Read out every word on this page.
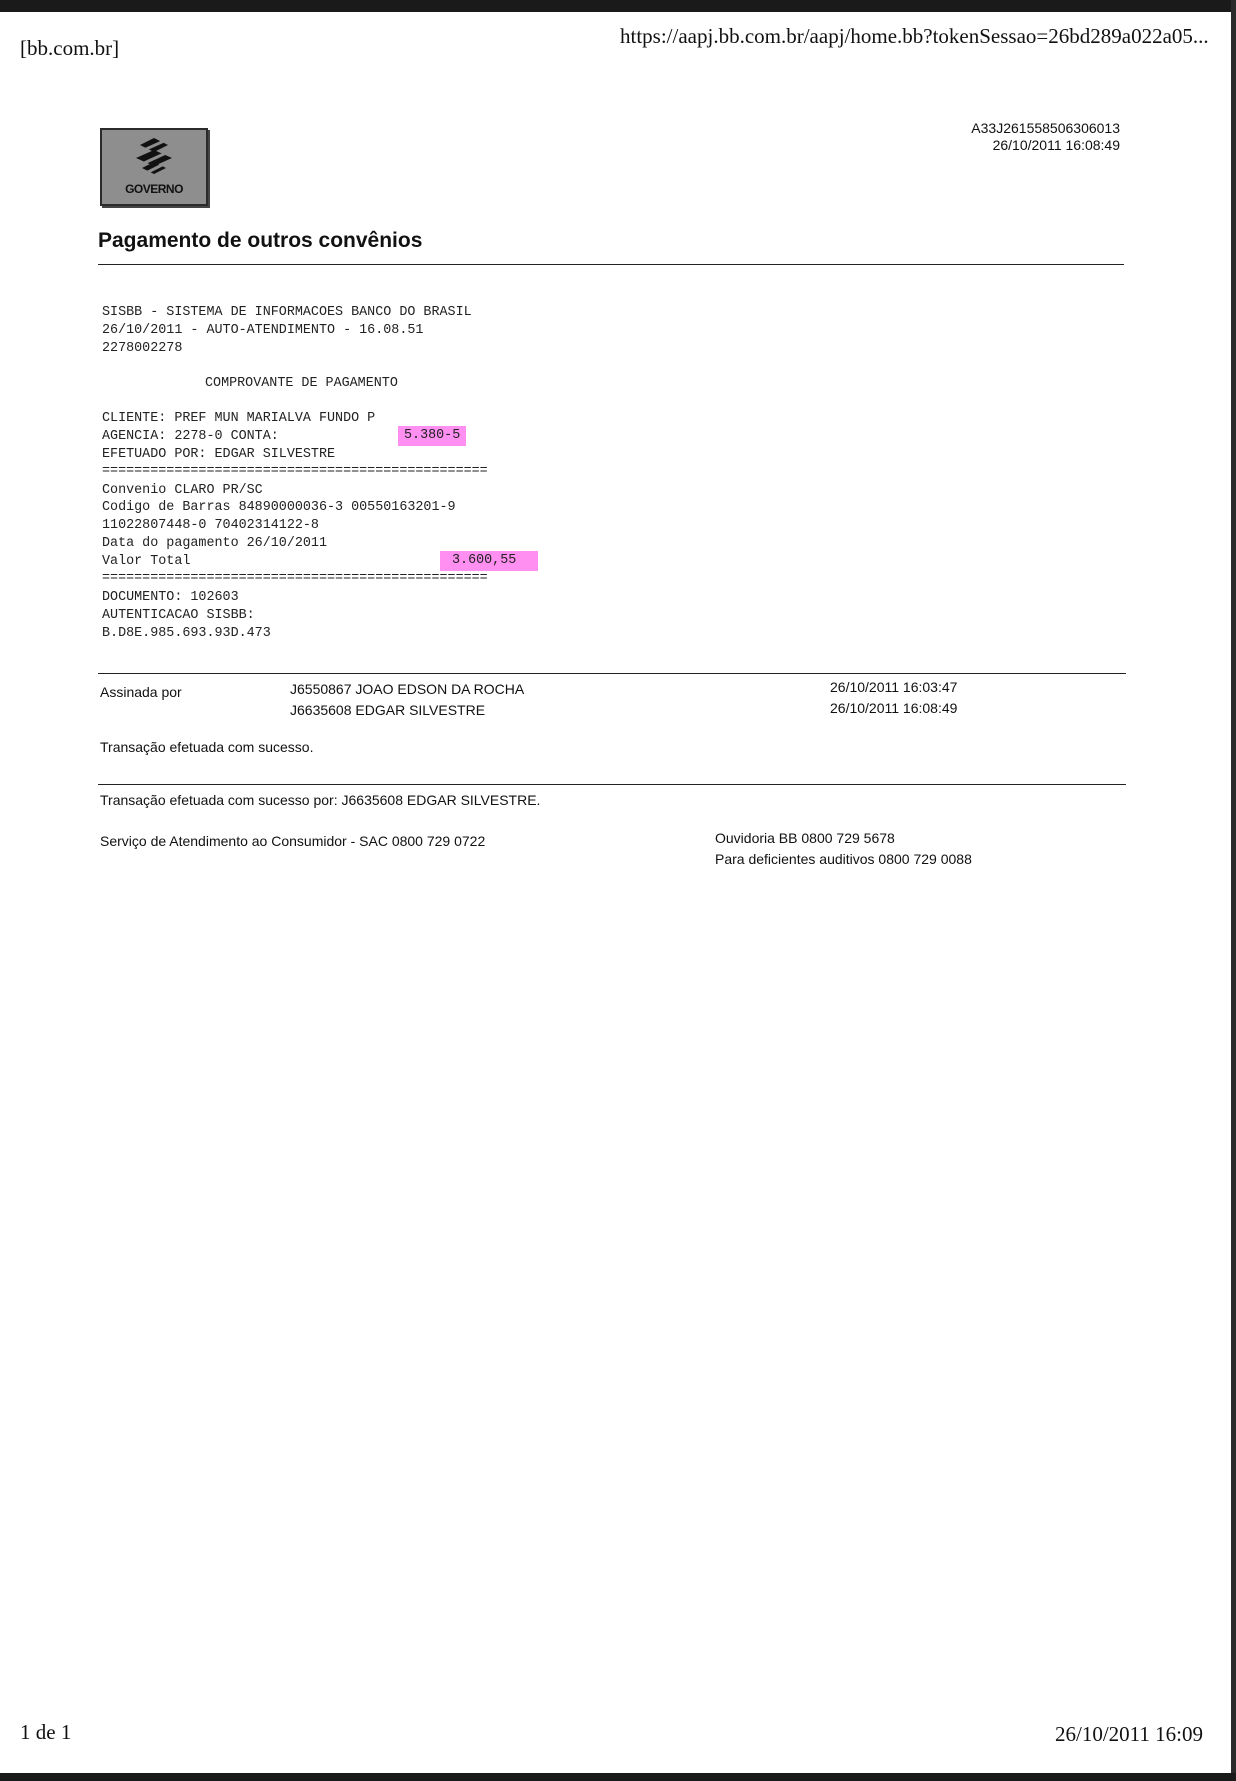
[bb.com.br]	https://aapj.bb.com.br/aapj/home.bb?tokenSessao=26bd289a022a05...
GOVERNO
A33J261558506306013
26/10/2011 16:08:49
Pagamento de outros convênios
SISBB - SISTEMA DE INFORMACOES BANCO DO BRASIL
26/10/2011 - AUTO-ATENDIMENTO - 16.08.51
2278002278
COMPROVANTE DE PAGAMENTO
CLIENTE: PREF MUN MARIALVA FUNDO P
AGENCIA: 2278-0 CONTA:	5.380-5
EFETUADO POR: EDGAR SILVESTRE
================================================
Convenio CLARO PR/SC
Codigo de Barras 84890000036-3 00550163201-9
11022807448-0 70402314122-8
Data do pagamento 26/10/2011
Valor Total	3.600,55
================================================
DOCUMENTO: 102603
AUTENTICACAO SISBB:
B.D8E.985.693.93D.473
Assinada por	J6550867 JOAO EDSON DA ROCHA	26/10/2011 16:03:47
J6635608 EDGAR SILVESTRE	26/10/2011 16:08:49
Transação efetuada com sucesso.
Transação efetuada com sucesso por: J6635608 EDGAR SILVESTRE.
Serviço de Atendimento ao Consumidor - SAC 0800 729 0722	Ouvidoria BB 0800 729 5678
Para deficientes auditivos 0800 729 0088
1 de 1	26/10/2011 16:09
